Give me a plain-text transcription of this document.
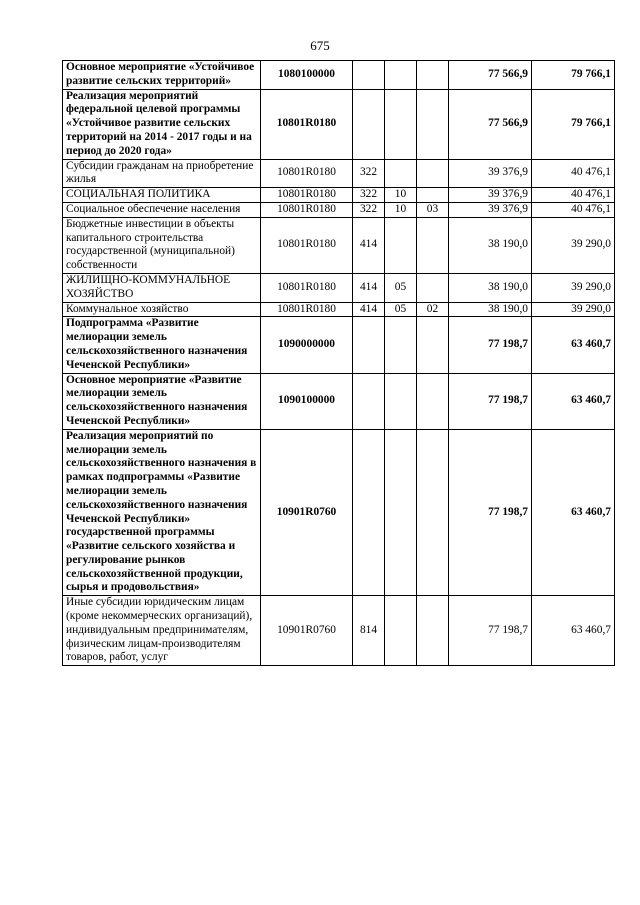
675
Основное мероприятие «Устойчивое развитие сельских территорий»	1080100000				77 566,9	79 766,1
Реализация мероприятий федеральной целевой программы «Устойчивое развитие сельских территорий на 2014 - 2017 годы и на период до 2020 года»	10801R0180				77 566,9	79 766,1
Субсидии гражданам на приобретение жилья	10801R0180	322			39 376,9	40 476,1
СОЦИАЛЬНАЯ ПОЛИТИКА	10801R0180	322	10		39 376,9	40 476,1
Социальное обеспечение населения	10801R0180	322	10	03	39 376,9	40 476,1
Бюджетные инвестиции в объекты капитального строительства государственной (муниципальной) собственности	10801R0180	414			38 190,0	39 290,0
ЖИЛИЩНО-КОММУНАЛЬНОЕ ХОЗЯЙСТВО	10801R0180	414	05		38 190,0	39 290,0
Коммунальное хозяйство	10801R0180	414	05	02	38 190,0	39 290,0
Подпрограмма «Развитие мелиорации земель сельскохозяйственного назначения Чеченской Республики»	1090000000				77 198,7	63 460,7
Основное мероприятие «Развитие мелиорации земель сельскохозяйственного назначения Чеченской Республики»	1090100000				77 198,7	63 460,7
Реализация мероприятий по мелиорации земель сельскохозяйственного назначения в рамках подпрограммы «Развитие мелиорации земель сельскохозяйственного назначения Чеченской Республики» государственной программы «Развитие сельского хозяйства и регулирование рынков сельскохозяйственной продукции, сырья и продовольствия»	10901R0760				77 198,7	63 460,7
Иные субсидии юридическим лицам (кроме некоммерческих организаций), индивидуальным предпринимателям, физическим лицам-производителям товаров, работ, услуг	10901R0760	814			77 198,7	63 460,7
